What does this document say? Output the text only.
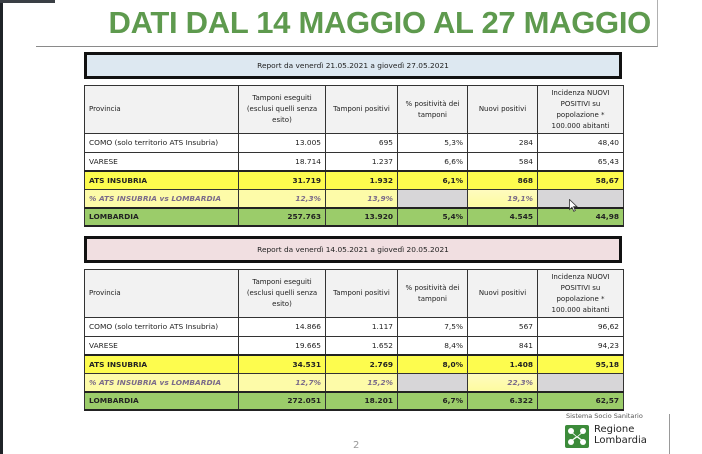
DATI DAL 14 MAGGIO AL 27 MAGGIO
Report da venerdì 21.05.2021 a giovedì 27.05.2021
Provincia	Tamponi eseguiti (esclusi quelli senza esito)	Tamponi positivi	% positività dei tamponi	Nuovi positivi	Incidenza NUOVI POSITIVI su popolazione * 100.000 abitanti
COMO (solo territorio ATS Insubria)	13.005	695	5,3%	284	48,40
VARESE	18.714	1.237	6,6%	584	65,43
ATS INSUBRIA	31.719	1.932	6,1%	868	58,67
% ATS INSUBRIA vs LOMBARDIA	12,3%	13,9%		19,1%	
LOMBARDIA	257.763	13.920	5,4%	4.545	44,98
Report da venerdì 14.05.2021 a giovedì 20.05.2021
Provincia	Tamponi eseguiti (esclusi quelli senza esito)	Tamponi positivi	% positività dei tamponi	Nuovi positivi	Incidenza NUOVI POSITIVI su popolazione * 100.000 abitanti
COMO (solo territorio ATS Insubria)	14.866	1.117	7,5%	567	96,62
VARESE	19.665	1.652	8,4%	841	94,23
ATS INSUBRIA	34.531	2.769	8,0%	1.408	95,18
% ATS INSUBRIA vs LOMBARDIA	12,7%	15,2%		22,3%	
LOMBARDIA	272.051	18.201	6,7%	6.322	62,57
2
Sistema Socio Sanitario
Regione
Lombardia
